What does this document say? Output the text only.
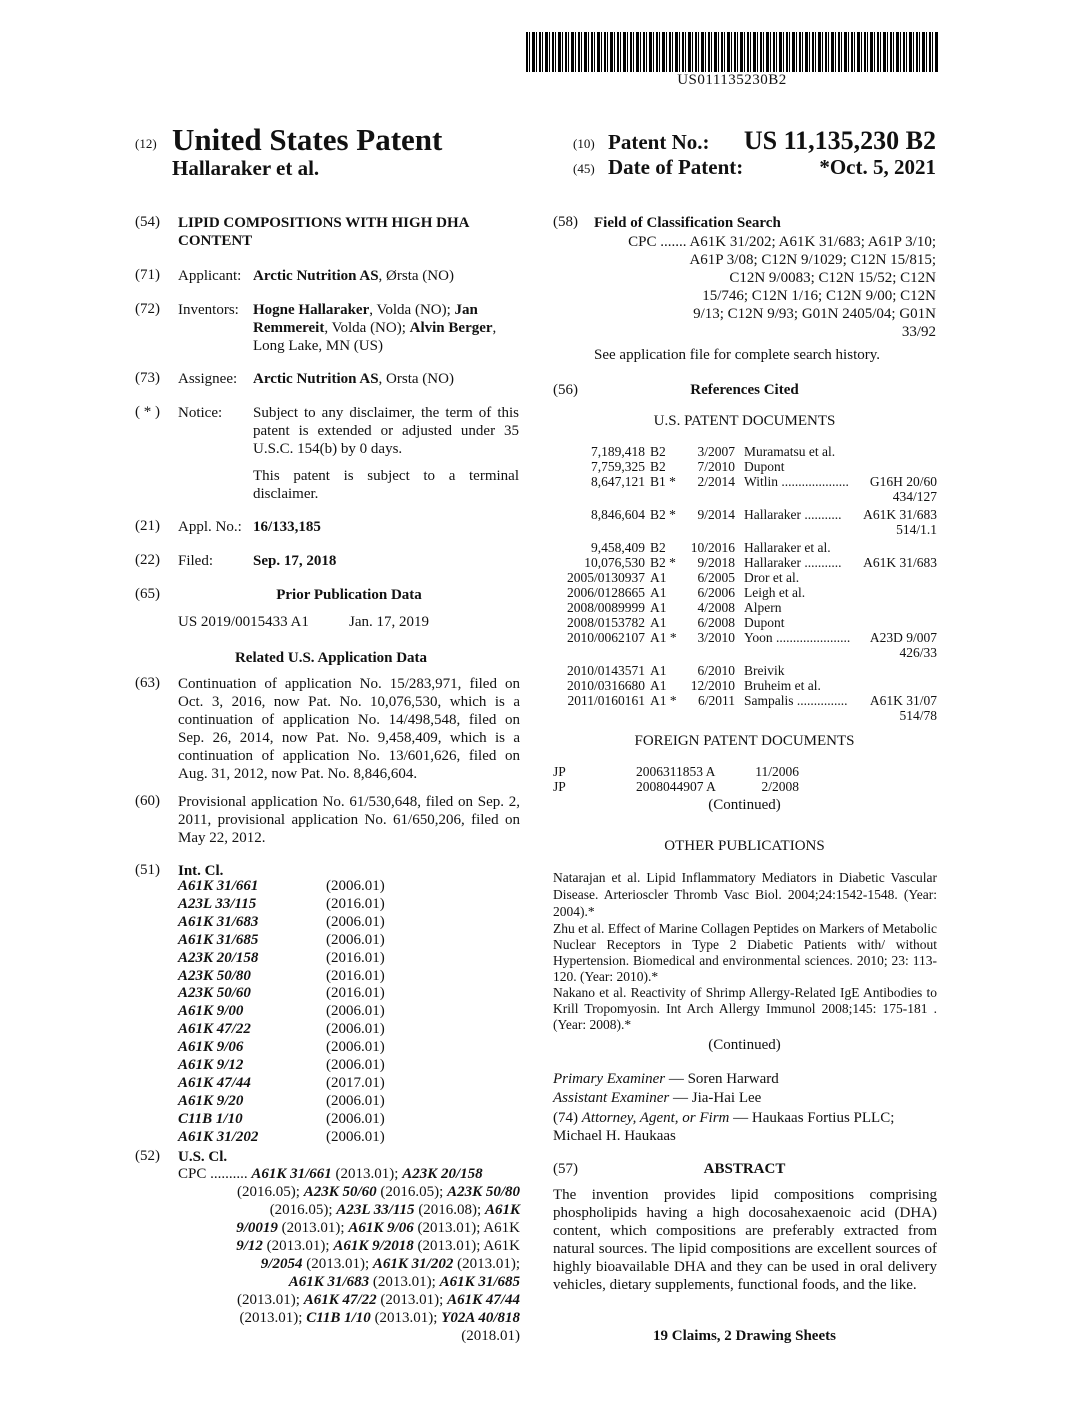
US011135230B2
(12) United States Patent
Hallaraker et al.
(10) Patent No.: US 11,135,230 B2
(45) Date of Patent:	*Oct. 5, 2021
(54) LIPID COMPOSITIONS WITH HIGH DHA
CONTENT
(71) Applicant: Arctic Nutrition AS, Ørsta (NO)
(72) Inventors: Hogne Hallaraker, Volda (NO); Jan
Remmereit, Volda (NO); Alvin Berger,
Long Lake, MN (US)
(73) Assignee: Arctic Nutrition AS, Orsta (NO)
( * ) Notice: Subject to any disclaimer, the term of this patent is extended or adjusted under 35 U.S.C. 154(b) by 0 days.
This patent is subject to a terminal disclaimer.
(21) Appl. No.: 16/133,185
(22) Filed:	Sep. 17, 2018
(65)	Prior Publication Data
US 2019/0015433 A1	Jan. 17, 2019
Related U.S. Application Data
(63) Continuation of application No. 15/283,971, filed on Oct. 3, 2016, now Pat. No. 10,076,530, which is a continuation of application No. 14/498,548, filed on Sep. 26, 2014, now Pat. No. 9,458,409, which is a continuation of application No. 13/601,626, filed on Aug. 31, 2012, now Pat. No. 8,846,604.
(60) Provisional application No. 61/530,648, filed on Sep. 2, 2011, provisional application No. 61/650,206, filed on May 22, 2012.
(51) Int. Cl.
A61K 31/661	(2006.01)
A23L 33/115	(2016.01)
A61K 31/683	(2006.01)
A61K 31/685	(2006.01)
A23K 20/158	(2016.01)
A23K 50/80	(2016.01)
A23K 50/60	(2016.01)
A61K 9/00	(2006.01)
A61K 47/22	(2006.01)
A61K 9/06	(2006.01)
A61K 9/12	(2006.01)
A61K 47/44	(2017.01)
A61K 9/20	(2006.01)
C11B 1/10	(2006.01)
A61K 31/202	(2006.01)
(52) U.S. Cl.
CPC .......... A61K 31/661 (2013.01); A23K 20/158
(2016.05); A23K 50/60 (2016.05); A23K 50/80
(2016.05); A23L 33/115 (2016.08); A61K
9/0019 (2013.01); A61K 9/06 (2013.01); A61K
9/12 (2013.01); A61K 9/2018 (2013.01); A61K
9/2054 (2013.01); A61K 31/202 (2013.01);
A61K 31/683 (2013.01); A61K 31/685
(2013.01); A61K 47/22 (2013.01); A61K 47/44
(2013.01); C11B 1/10 (2013.01); Y02A 40/818
(2018.01)
(58) Field of Classification Search
CPC ....... A61K 31/202; A61K 31/683; A61P 3/10;
A61P 3/08; C12N 9/1029; C12N 15/815;
C12N 9/0083; C12N 15/52; C12N
15/746; C12N 1/16; C12N 9/00; C12N
9/13; C12N 9/93; G01N 2405/04; G01N
33/92
See application file for complete search history.
(56)	References Cited
U.S. PATENT DOCUMENTS
7,189,418 B2	3/2007 Muramatsu et al.
7,759,325 B2	7/2010 Dupont
8,647,121 B1 *	2/2014 Witlin .................... G16H 20/60
434/127
8,846,604 B2 *	9/2014 Hallaraker ........... A61K 31/683
514/1.1
9,458,409 B2	10/2016 Hallaraker et al.
10,076,530 B2 *	9/2018 Hallaraker ........... A61K 31/683
2005/0130937 A1	6/2005 Dror et al.
2006/0128665 A1	6/2006 Leigh et al.
2008/0089999 A1	4/2008 Alpern
2008/0153782 A1	6/2008 Dupont
2010/0062107 A1 *	3/2010 Yoon ...................... A23D 9/007
426/33
2010/0143571 A1	6/2010 Breivik
2010/0316680 A1	12/2010 Bruheim et al.
2011/0160161 A1 *	6/2011 Sampalis ............... A61K 31/07
514/78
FOREIGN PATENT DOCUMENTS
JP	2006311853 A	11/2006
JP	2008044907 A	2/2008
(Continued)
OTHER PUBLICATIONS
Natarajan et al. Lipid Inflammatory Mediators in Diabetic Vascular Disease. Arterioscler Thromb Vasc Biol. 2004;24:1542-1548. (Year: 2004).*
Zhu et al. Effect of Marine Collagen Peptides on Markers of Metabolic Nuclear Receptors in Type 2 Diabetic Patients with/ without Hypertension. Biomedical and environmental sciences. 2010; 23: 113-120. (Year: 2010).*
Nakano et al. Reactivity of Shrimp Allergy-Related IgE Antibodies to Krill Tropomyosin. Int Arch Allergy Immunol 2008;145: 175-181 . (Year: 2008).*
(Continued)
Primary Examiner — Soren Harward
Assistant Examiner — Jia-Hai Lee
(74) Attorney, Agent, or Firm — Haukaas Fortius PLLC;
Michael H. Haukaas
(57)	ABSTRACT
The invention provides lipid compositions comprising phospholipids having a high docosahexaenoic acid (DHA) content, which compositions are preferably extracted from natural sources. The lipid compositions are excellent sources of highly bioavailable DHA and they can be used in oral delivery vehicles, dietary supplements, functional foods, and the like.
19 Claims, 2 Drawing Sheets
